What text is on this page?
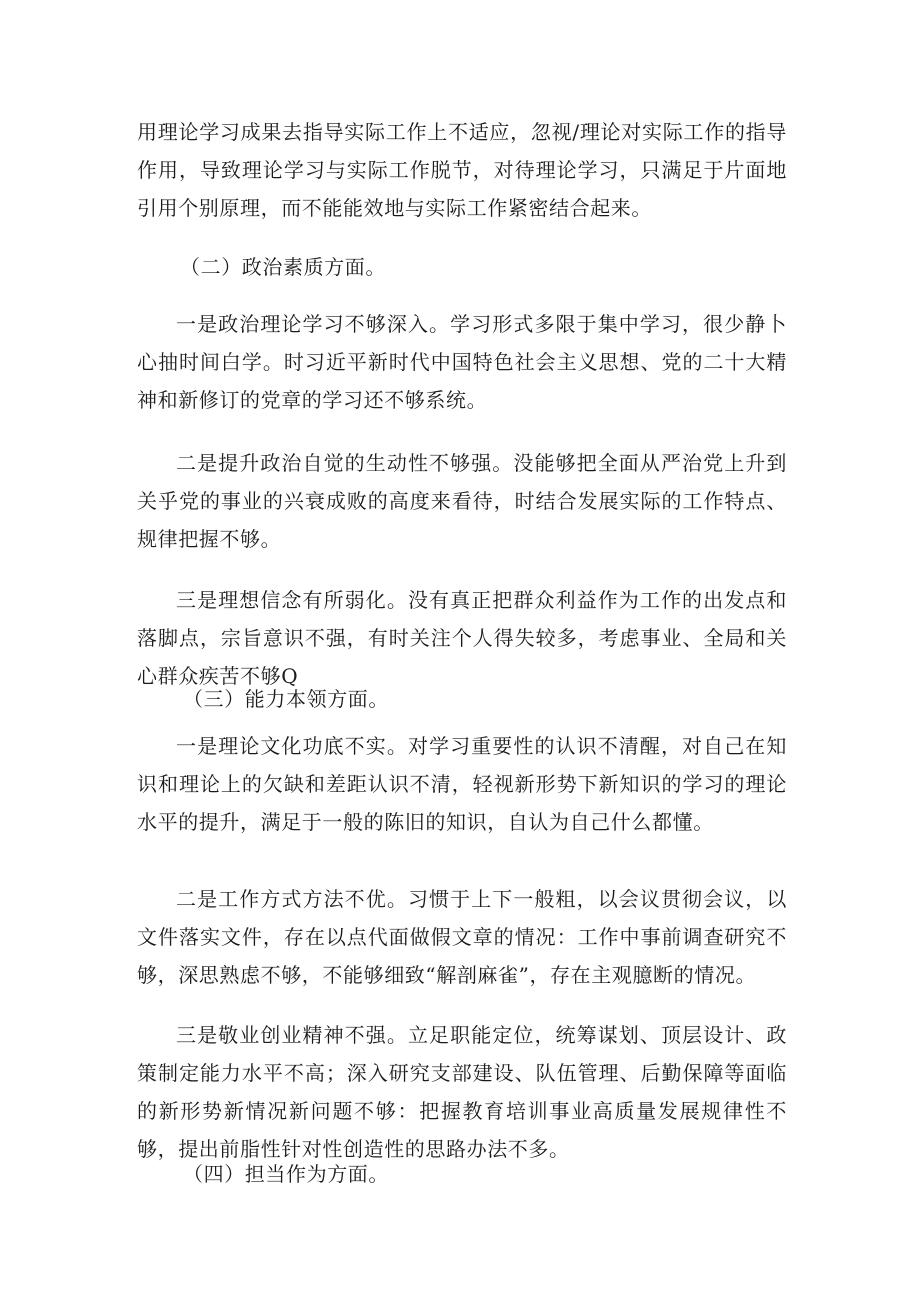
用理论学习成果去指导实际工作上不适应，忽视/理论对实际工作的指导作用，导致理论学习与实际工作脱节，对待理论学习，只满足于片面地引用个别原理，而不能能效地与实际工作紧密结合起来。

（二）政治素质方面。

一是政治理论学习不够深入。学习形式多限于集中学习，很少静卜心抽时间白学。时习近平新时代中国特色社会主义思想、党的二十大精神和新修订的党章的学习还不够系统。

二是提升政治自觉的生动性不够强。没能够把全面从严治党上升到关乎党的事业的兴衰成败的高度来看待，时结合发展实际的工作特点、规律把握不够。

三是理想信念有所弱化。没有真正把群众利益作为工作的出发点和落脚点，宗旨意识不强，有时关注个人得失较多，考虑事业、全局和关心群众疾苦不够Q

（三）能力本领方面。

一是理论文化功底不实。对学习重要性的认识不清醒，对自己在知识和理论上的欠缺和差距认识不清，轻视新形势下新知识的学习的理论水平的提升，满足于一般的陈旧的知识，自认为自己什么都懂。

二是工作方式方法不优。习惯于上下一般粗，以会议贯彻会议，以文件落实文件，存在以点代面做假文章的情况：工作中事前调查研究不够，深思熟虑不够，不能够细致“解剖麻雀”，存在主观臆断的情况。

三是敬业创业精神不强。立足职能定位，统筹谋划、顶层设计、政策制定能力水平不高；深入研究支部建设、队伍管理、后勤保障等面临的新形势新情况新问题不够：把握教育培训事业高质量发展规律性不够，提出前脂性针对性创造性的思路办法不多。

（四）担当作为方面。
